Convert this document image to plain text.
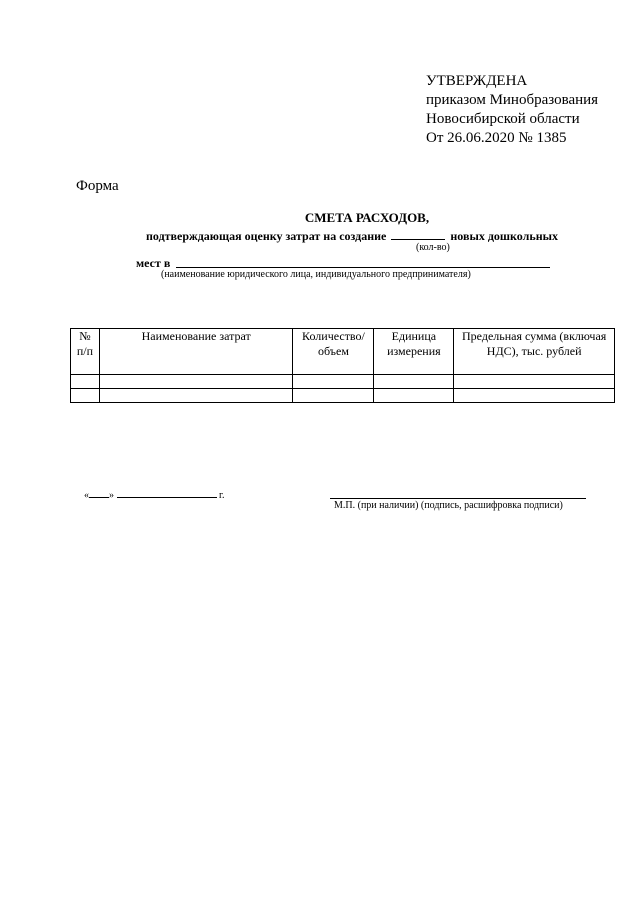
УТВЕРЖДЕНА
приказом Минобразования
Новосибирской области
От 26.06.2020 № 1385
Форма
СМЕТА РАСХОДОВ,
подтверждающая оценку затрат на создание	новых дошкольных
(кол-во)
мест в
(наименование юридического лица, индивидуального предпринимателя)
№ п/п	Наименование затрат	Количество/ объем	Единица измерения	Предельная сумма (включая НДС), тыс. рублей

« »	г.
М.П. (при наличии) (подпись, расшифровка подписи)
